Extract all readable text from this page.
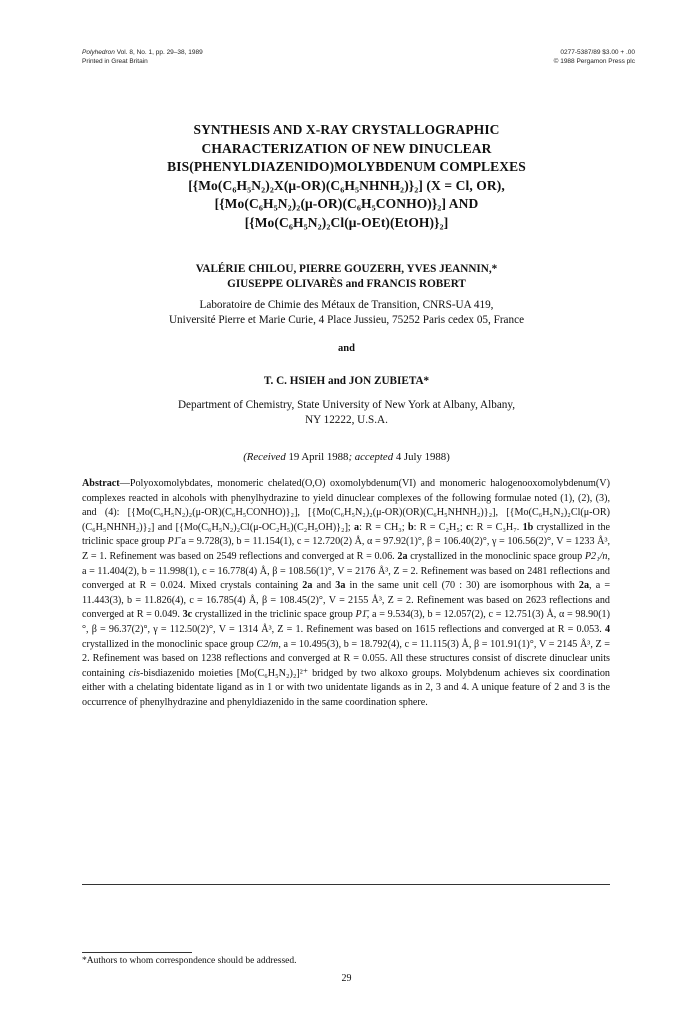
Polyhedron Vol. 8, No. 1, pp. 29–38, 1989
Printed in Great Britain
0277-5387/89 $3.00 + .00
© 1988 Pergamon Press plc
SYNTHESIS AND X-RAY CRYSTALLOGRAPHIC
CHARACTERIZATION OF NEW DINUCLEAR
BIS(PHENYLDIAZENIDO)MOLYBDENUM COMPLEXES
[{Mo(C₆H₅N₂)₂X(μ-OR)(C₆H₅NHNH₂)}₂] (X = Cl, OR),
[{Mo(C₆H₅N₂)₂(μ-OR)(C₆H₅CONHO)}₂] AND
[{Mo(C₆H₅N₂)₂Cl(μ-OEt)(EtOH)}₂]
VALÉRIE CHILOU, PIERRE GOUZERH, YVES JEANNIN,*
GIUSEPPE OLIVARÈS and FRANCIS ROBERT
Laboratoire de Chimie des Métaux de Transition, CNRS-UA 419,
Université Pierre et Marie Curie, 4 Place Jussieu, 75252 Paris cedex 05, France
and
T. C. HSIEH and JON ZUBIETA*
Department of Chemistry, State University of New York at Albany, Albany,
NY 12222, U.S.A.
(Received 19 April 1988; accepted 4 July 1988)

Abstract—Polyoxomolybdates, monomeric chelated(O,O) oxomolybdenum(VI) and monomeric halogenooxomolybdenum(V) complexes reacted in alcohols with phenylhydrazine to yield dinuclear complexes of the following formulae noted (1), (2), (3), and (4): [{Mo(C₆H₅N₂)₂(μ-OR)(C₆H₅CONHO)}₂], [{Mo(C₆H₅N₂)₂(μ-OR)(OR)(C₆H₅NHNH₂)}₂], [{Mo(C₆H₅N₂)₂Cl(μ-OR)(C₆H₅NHNH₂)}₂] and [{Mo(C₆H₅N₂)₂Cl(μ-OC₂H₅)(C₂H₅OH)}₂]; a: R = CH₃; b: R = C₂H₅; c: R = C₃H₇. 1b crystallized in the triclinic space group P1̄ a = 9.728(3), b = 11.154(1), c = 12.720(2) Å, α = 97.92(1)°, β = 106.40(2)°, γ = 106.56(2)°, V = 1233 Å³, Z = 1. Refinement was based on 2549 reflections and converged at R = 0.06. 2a crystallized in the monoclinic space group P2₁/n, a = 11.404(2), b = 11.998(1), c = 16.778(4) Å, β = 108.56(1)°, V = 2176 Å³, Z = 2. Refinement was based on 2481 reflections and converged at R = 0.024. Mixed crystals containing 2a and 3a in the same unit cell (70 : 30) are isomorphous with 2a, a = 11.443(3), b = 11.826(4), c = 16.785(4) Å, β = 108.45(2)°, V = 2155 Å³, Z = 2. Refinement was based on 2623 reflections and converged at R = 0.049. 3c crystallized in the triclinic space group P1̄, a = 9.534(3), b = 12.057(2), c = 12.751(3) Å, α = 98.90(1)°, β = 96.37(2)°, γ = 112.50(2)°, V = 1314 Å³, Z = 1. Refinement was based on 1615 reflections and converged at R = 0.053. 4 crystallized in the monoclinic space group C2/m, a = 10.495(3), b = 18.792(4), c = 11.115(3) Å, β = 101.91(1)°, V = 2145 Å³, Z = 2. Refinement was based on 1238 reflections and converged at R = 0.055. All these structures consist of discrete dinuclear units containing cis-bisdiazenido moieties [Mo(C₆H₅N₂)₂]²⁺ bridged by two alkoxo groups. Molybdenum achieves six coordination either with a chelating bidentate ligand as in 1 or with two unidentate ligands as in 2, 3 and 4. A unique feature of 2 and 3 is the occurrence of phenylhydrazine and phenyldiazenido in the same coordination sphere.

*Authors to whom correspondence should be addressed.
29
